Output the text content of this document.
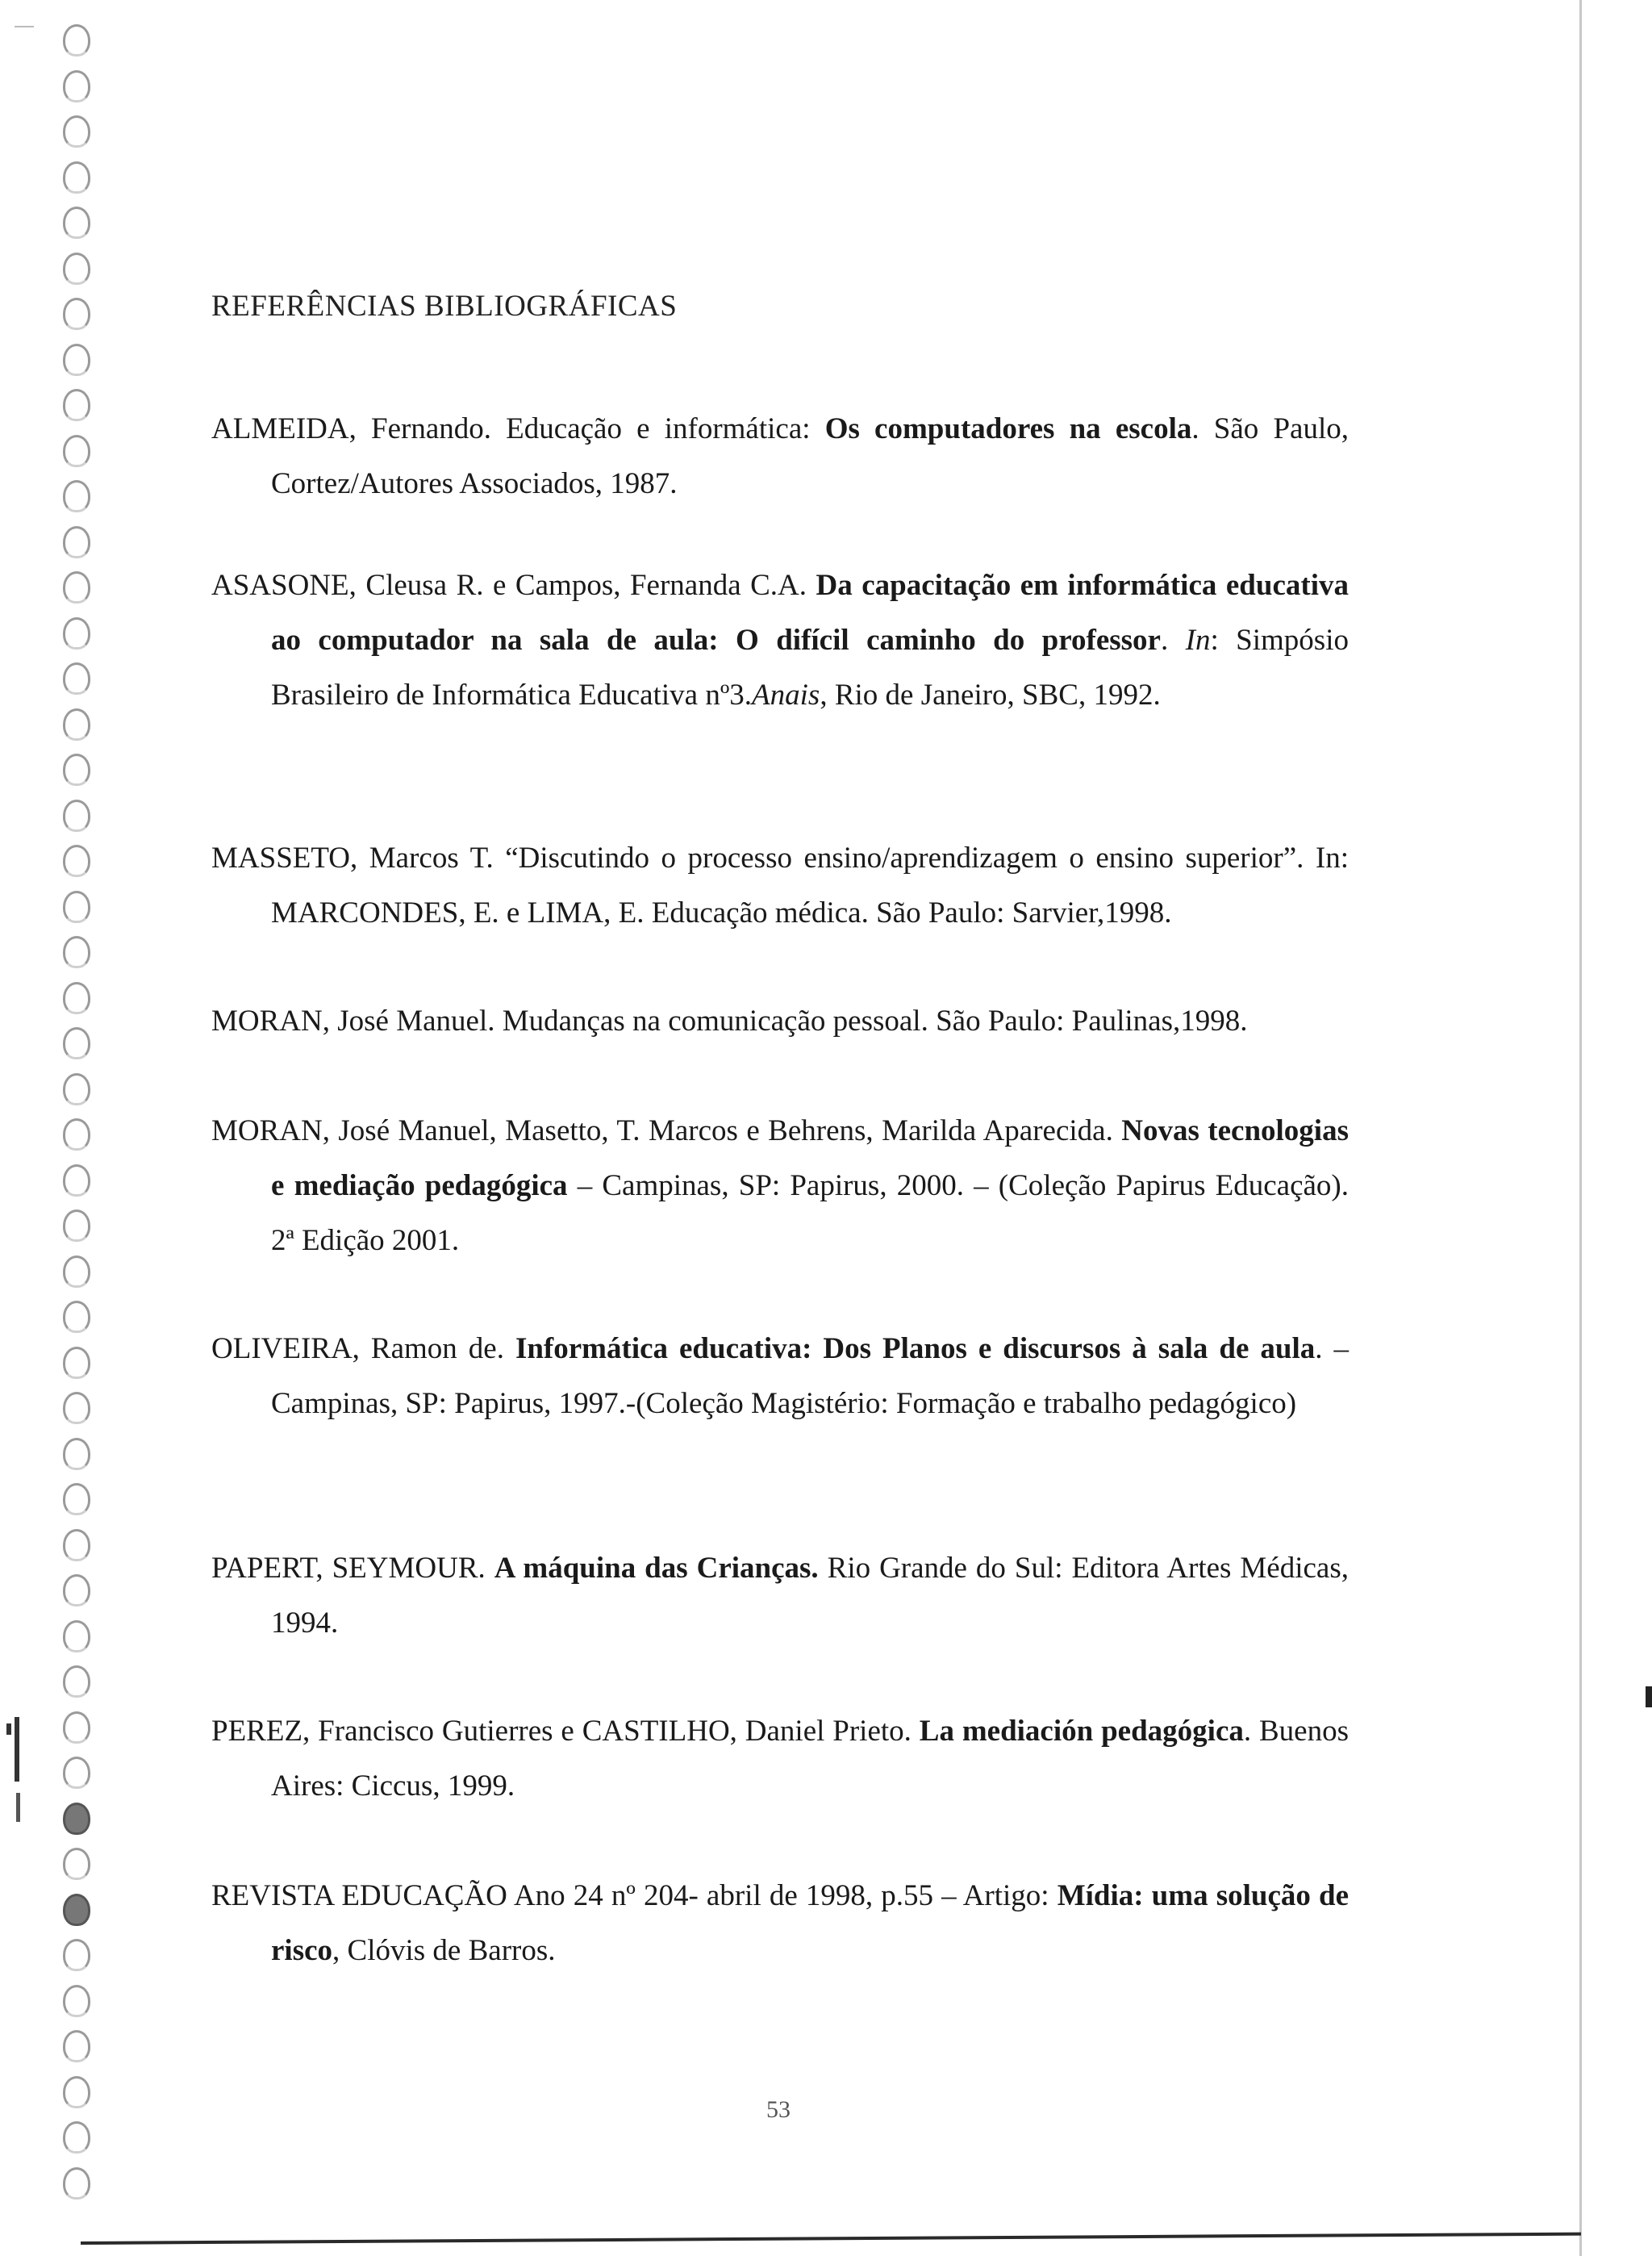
REFERÊNCIAS BIBLIOGRÁFICAS
ALMEIDA, Fernando. Educação e informática: Os computadores na escola. São Paulo, Cortez/Autores Associados, 1987.
ASASONE, Cleusa R. e Campos, Fernanda C.A. Da capacitação em informática educativa ao computador na sala de aula: O difícil caminho do professor. In: Simpósio Brasileiro de Informática Educativa nº3.Anais, Rio de Janeiro, SBC, 1992.
MASSETO, Marcos T. “Discutindo o processo ensino/aprendizagem o ensino superior”. In: MARCONDES, E. e LIMA, E. Educação médica. São Paulo: Sarvier,1998.
MORAN, José Manuel. Mudanças na comunicação pessoal. São Paulo: Paulinas,1998.
MORAN, José Manuel, Masetto, T. Marcos e Behrens, Marilda Aparecida. Novas tecnologias e mediação pedagógica – Campinas, SP: Papirus, 2000. – (Coleção Papirus Educação). 2ª Edição 2001.
OLIVEIRA, Ramon de. Informática educativa: Dos Planos e discursos à sala de aula. –Campinas, SP: Papirus, 1997.-(Coleção Magistério: Formação e trabalho pedagógico)
PAPERT, SEYMOUR. A máquina das Crianças. Rio Grande do Sul: Editora Artes Médicas, 1994.
PEREZ, Francisco Gutierres e CASTILHO, Daniel Prieto. La mediación pedagógica. Buenos Aires: Ciccus, 1999.
REVISTA EDUCAÇÃO Ano 24 nº 204- abril de 1998, p.55 – Artigo: Mídia: uma solução de risco, Clóvis de Barros.
53
